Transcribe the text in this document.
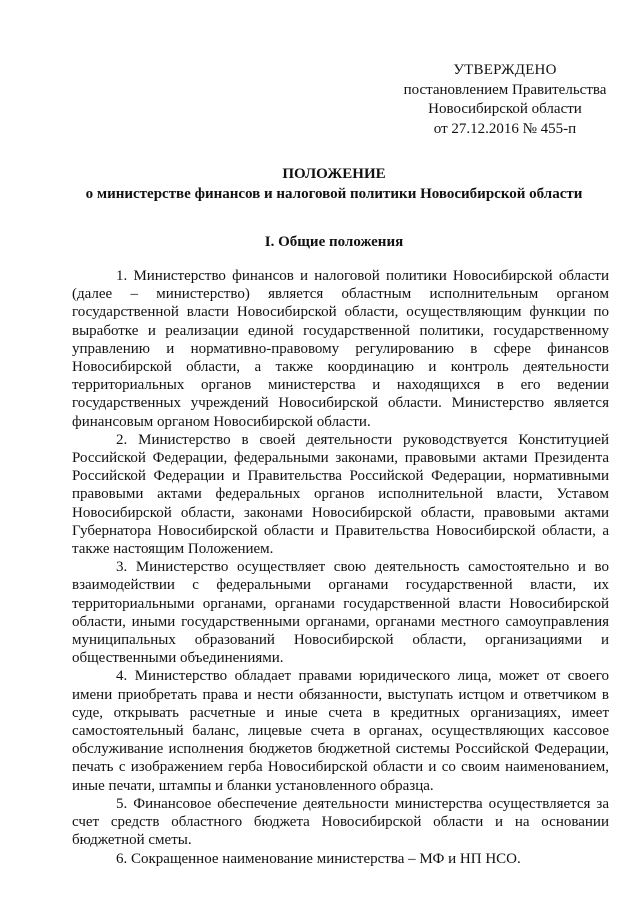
УТВЕРЖДЕНО
постановлением Правительства
Новосибирской области
от 27.12.2016 № 455-п
ПОЛОЖЕНИЕ
о министерстве финансов и налоговой политики Новосибирской области
I. Общие положения

1. Министерство финансов и налоговой политики Новосибирской области (далее – министерство) является областным исполнительным органом государственной власти Новосибирской области, осуществляющим функции по выработке и реализации единой государственной политики, государственному управлению и нормативно-правовому регулированию в сфере финансов Новосибирской области, а также координацию и контроль деятельности территориальных органов министерства и находящихся в его ведении государственных учреждений Новосибирской области. Министерство является финансовым органом Новосибирской области.

2. Министерство в своей деятельности руководствуется Конституцией Российской Федерации, федеральными законами, правовыми актами Президента Российской Федерации и Правительства Российской Федерации, нормативными правовыми актами федеральных органов исполнительной власти, Уставом Новосибирской области, законами Новосибирской области, правовыми актами Губернатора Новосибирской области и Правительства Новосибирской области, а также настоящим Положением.

3. Министерство осуществляет свою деятельность самостоятельно и во взаимодействии с федеральными органами государственной власти, их территориальными органами, органами государственной власти Новосибирской области, иными государственными органами, органами местного самоуправления муниципальных образований Новосибирской области, организациями и общественными объединениями.

4. Министерство обладает правами юридического лица, может от своего имени приобретать права и нести обязанности, выступать истцом и ответчиком в суде, открывать расчетные и иные счета в кредитных организациях, имеет самостоятельный баланс, лицевые счета в органах, осуществляющих кассовое обслуживание исполнения бюджетов бюджетной системы Российской Федерации, печать с изображением герба Новосибирской области и со своим наименованием, иные печати, штампы и бланки установленного образца.

5. Финансовое обеспечение деятельности министерства осуществляется за счет средств областного бюджета Новосибирской области и на основании бюджетной сметы.

6. Сокращенное наименование министерства – МФ и НП НСО.
